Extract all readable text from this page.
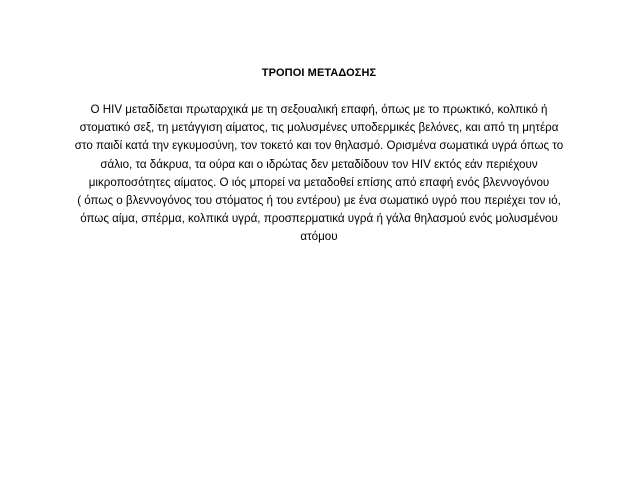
ΤΡΟΠΟΙ ΜΕΤΑΔΟΣΗΣ
Ο HIV μεταδίδεται πρωταρχικά με τη σεξουαλική επαφή, όπως με το πρωκτικό, κολπικό ή
στοματικό σεξ, τη μετάγγιση αίματος, τις μολυσμένες υποδερμικές βελόνες, και από τη μητέρα
στο παιδί κατά την εγκυμοσύνη, τον τοκετό και τον θηλασμό. Ορισμένα σωματικά υγρά όπως το
σάλιο, τα δάκρυα, τα ούρα και ο ιδρώτας δεν μεταδίδουν τον HIV εκτός εάν περιέχουν
μικροποσότητες αίματος. Ο ιός μπορεί να μεταδοθεί επίσης από επαφή ενός βλεννογόνου
( όπως ο βλεννογόνος του στόματος ή του εντέρου) με ένα σωματικό υγρό που περιέχει τον ιό,
όπως αίμα, σπέρμα, κολπικά υγρά, προσπερματικά υγρά ή γάλα θηλασμού ενός μολυσμένου
ατόμου
